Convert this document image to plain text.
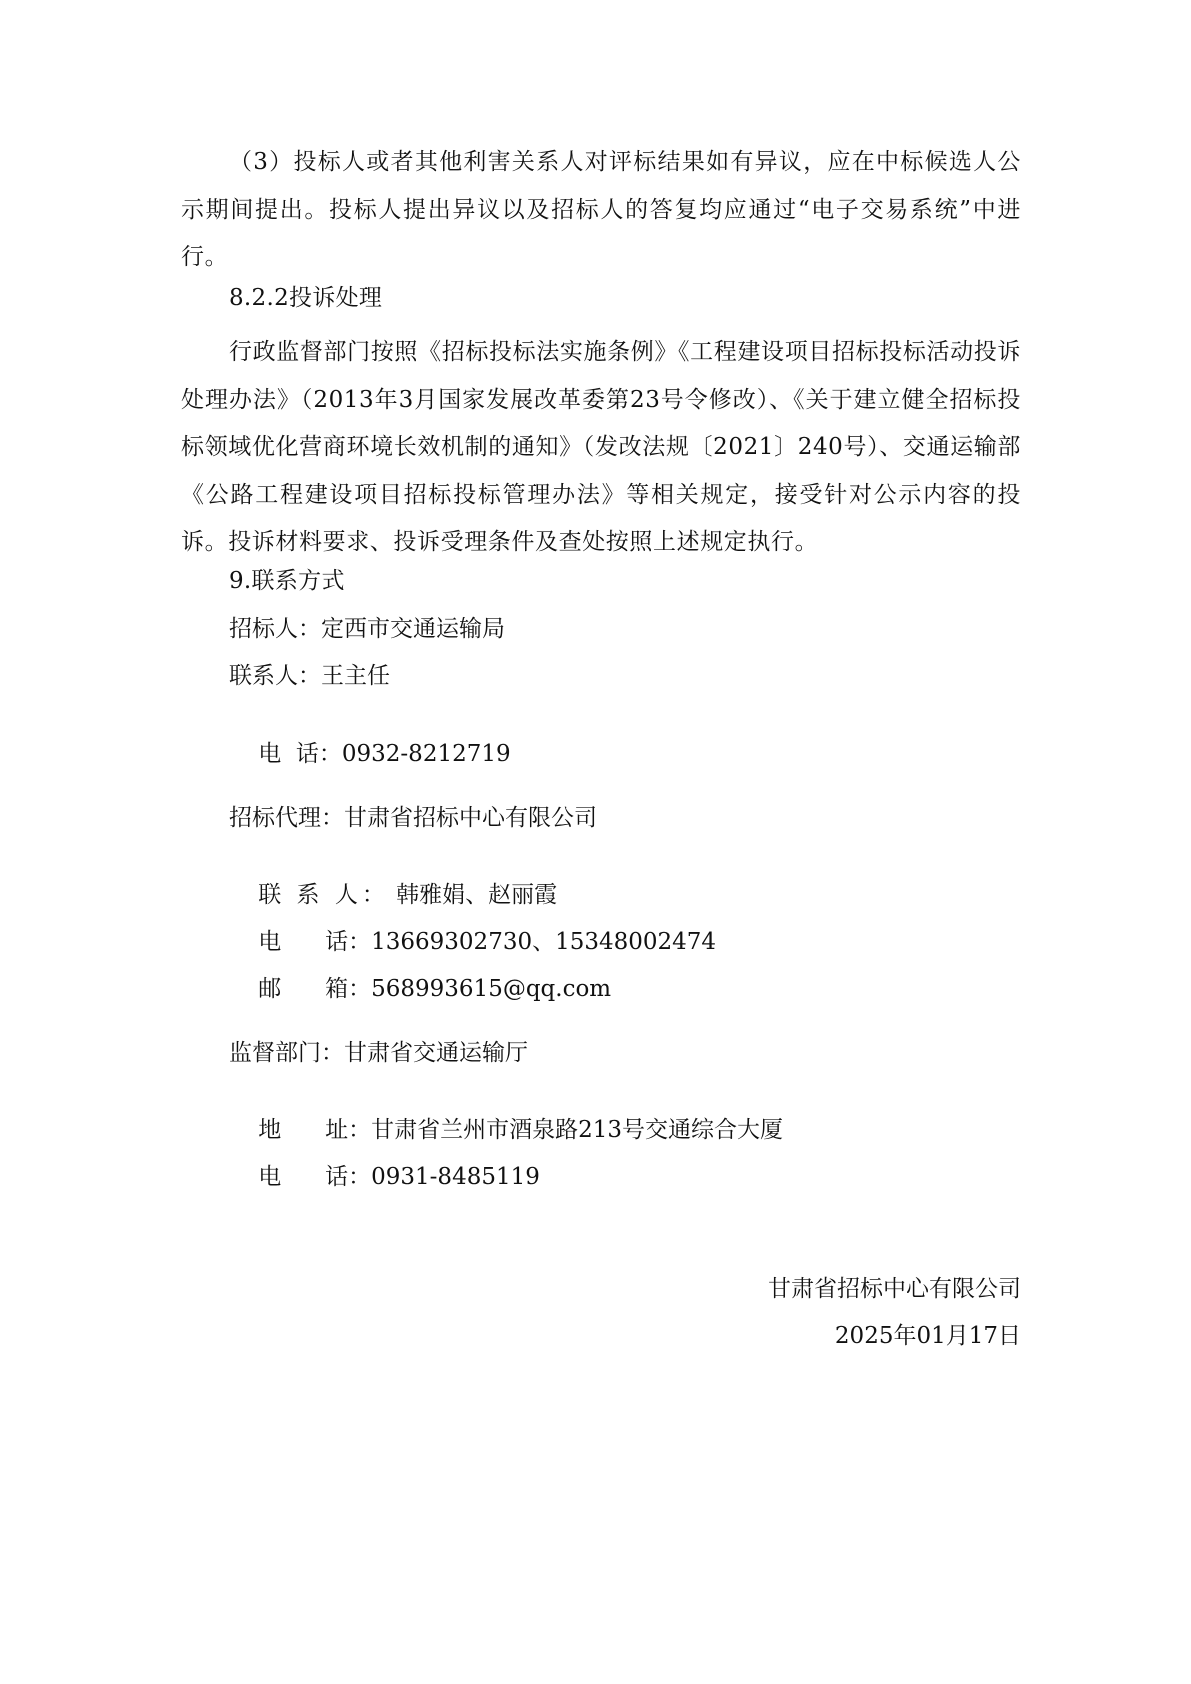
（3）投标人或者其他利害关系人对评标结果如有异议，应在中标候选人公示期间提出。投标人提出异议以及招标人的答复均应通过“电子交易系统”中进行。
8.2.2投诉处理
行政监督部门按照《招标投标法实施条例》《工程建设项目招标投标活动投诉处理办法》（2013年3月国家发展改革委第23号令修改）、《关于建立健全招标投标领域优化营商环境长效机制的通知》（发改法规〔2021〕240号）、交通运输部《公路工程建设项目招标投标管理办法》等相关规定，接受针对公示内容的投诉。投诉材料要求、投诉受理条件及查处按照上述规定执行。
9.联系方式
招标人：定西市交通运输局
联系人：王主任

电  话：0932-8212719

招标代理：甘肃省招标中心有限公司

联 系 人： 韩雅娟、赵丽霞

电      话：13669302730、15348002474

邮      箱：568993615@qq.com

监督部门：甘肃省交通运输厅

地      址：甘肃省兰州市酒泉路213号交通综合大厦

电      话：0931-8485119

甘肃省招标中心有限公司
2025年01月17日
